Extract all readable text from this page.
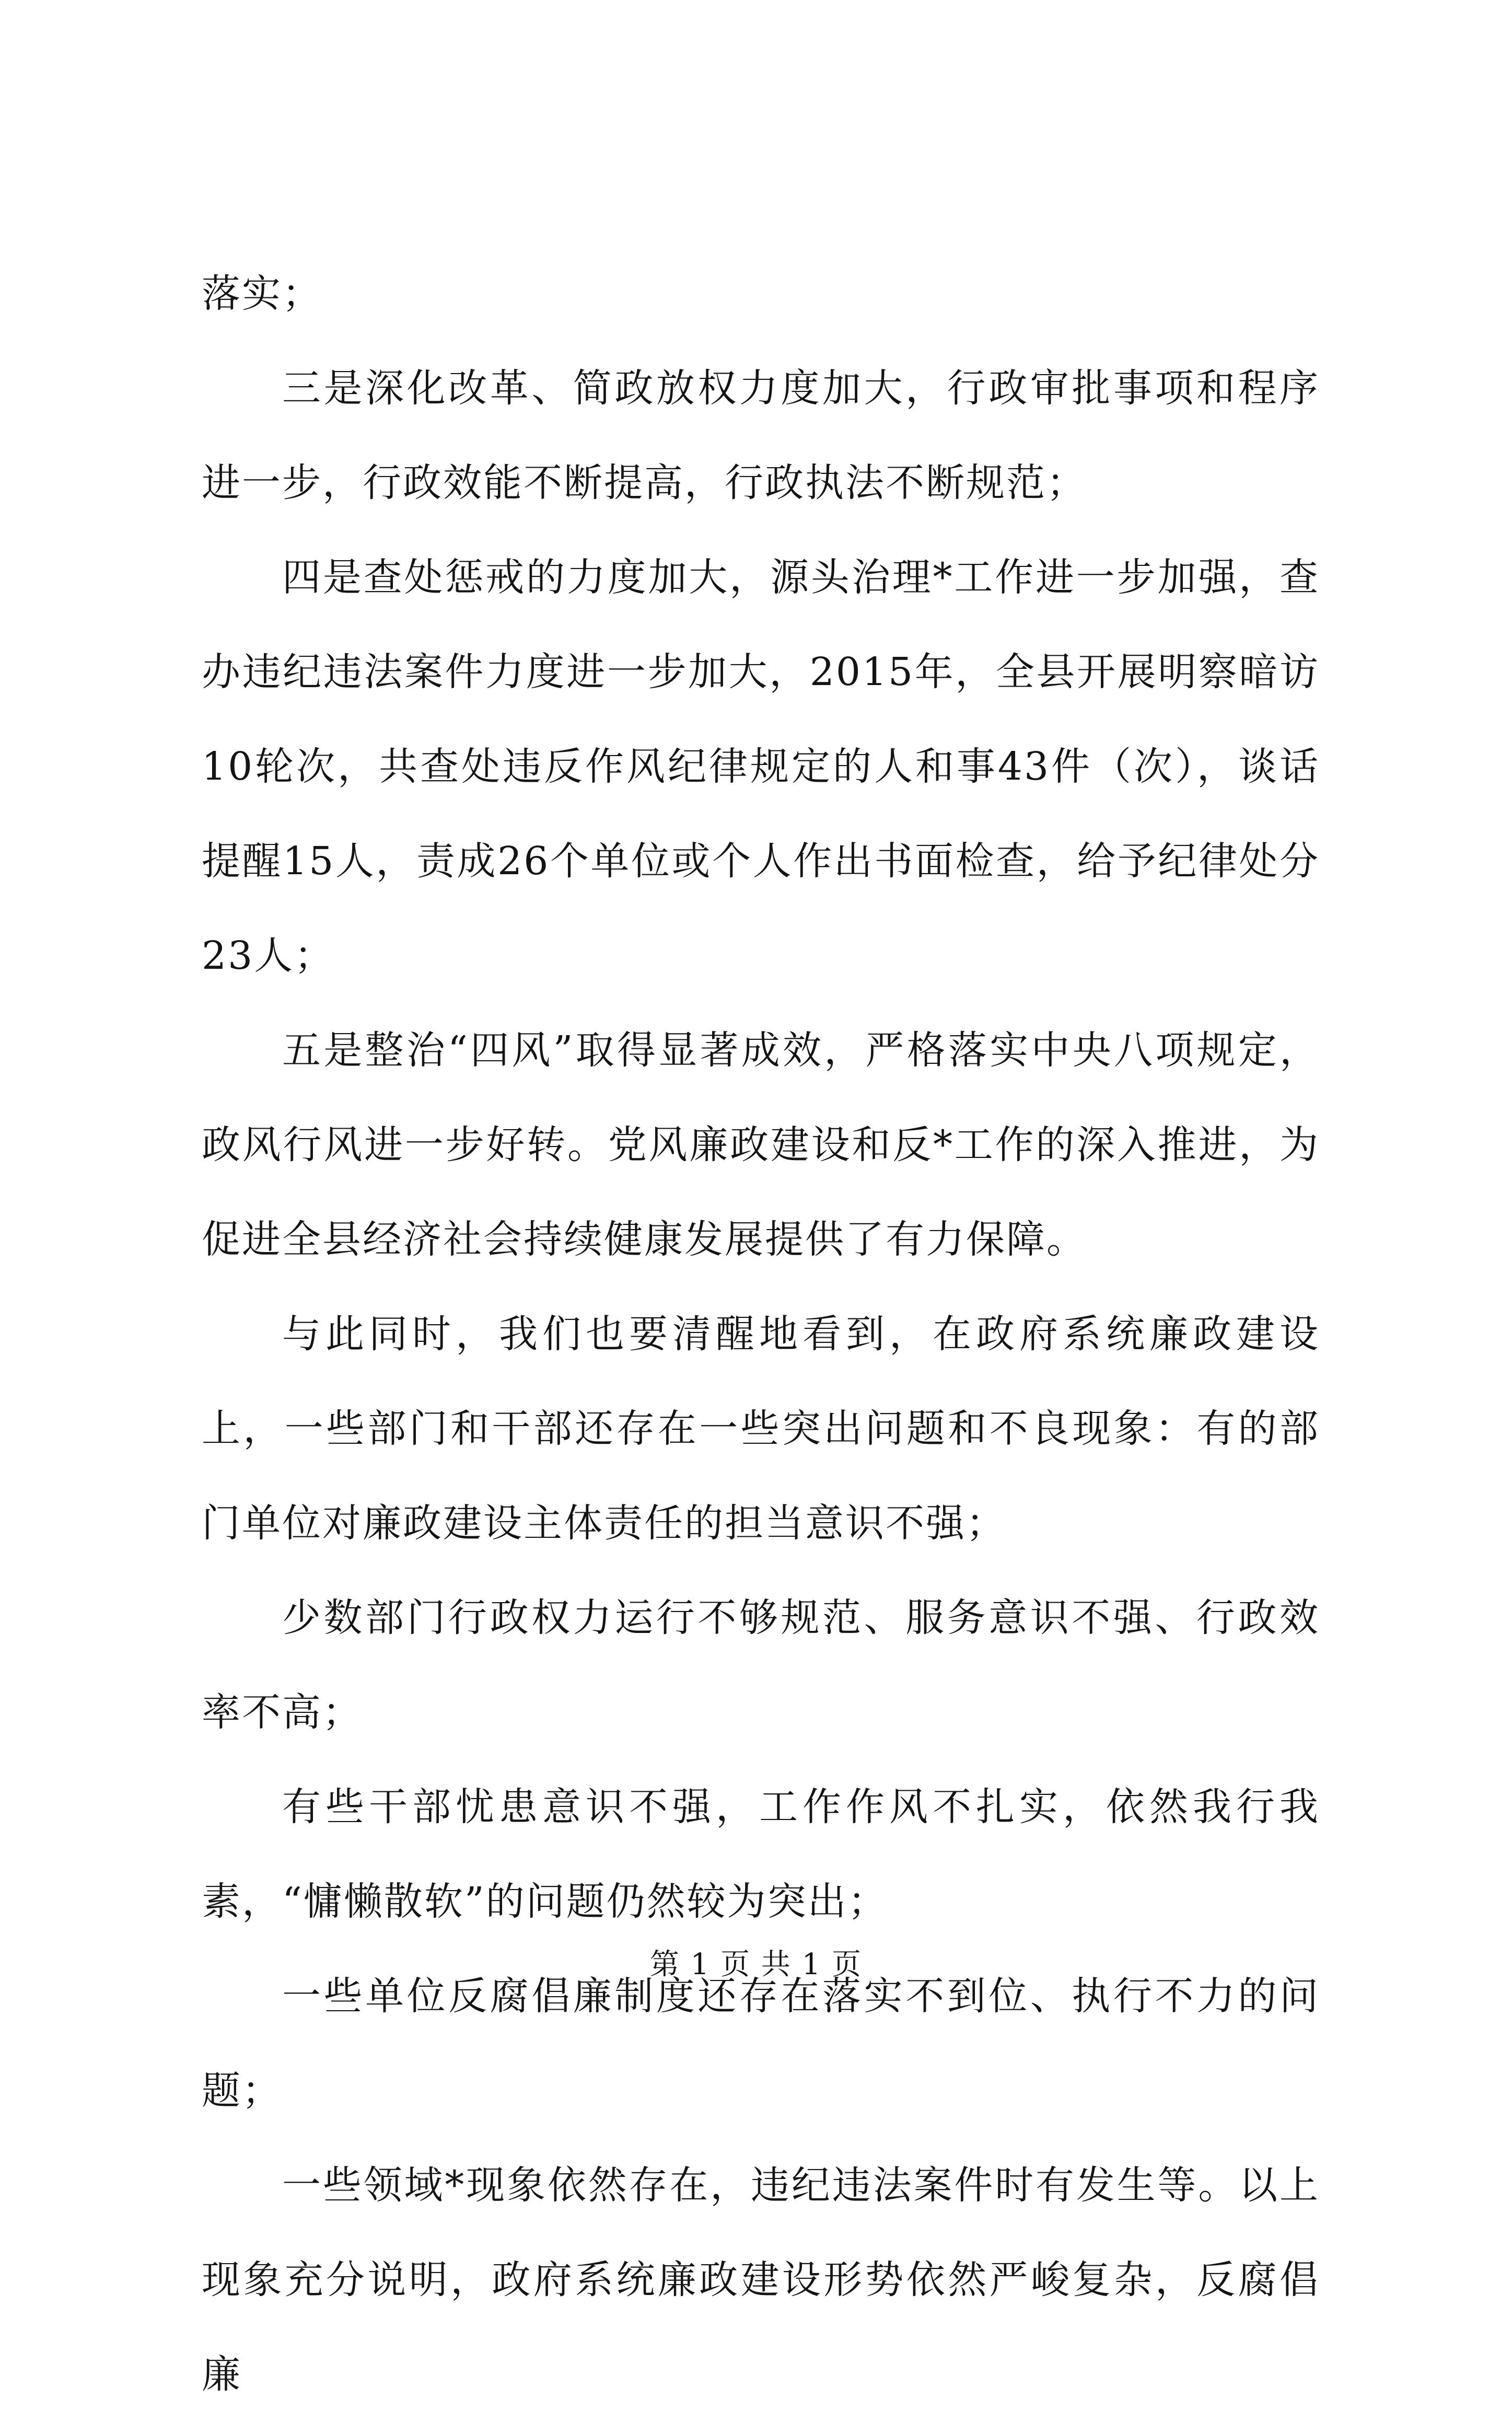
落实；

三是深化改革、简政放权力度加大，行政审批事项和程序进一步，行政效能不断提高，行政执法不断规范；

四是查处惩戒的力度加大，源头治理*工作进一步加强，查办违纪违法案件力度进一步加大，2015年，全县开展明察暗访10轮次，共查处违反作风纪律规定的人和事43件（次），谈话提醒15人，责成26个单位或个人作出书面检查，给予纪律处分23人；

五是整治“四风”取得显著成效，严格落实中央八项规定，政风行风进一步好转。党风廉政建设和反*工作的深入推进，为促进全县经济社会持续健康发展提供了有力保障。

与此同时，我们也要清醒地看到，在政府系统廉政建设上，一些部门和干部还存在一些突出问题和不良现象：有的部门单位对廉政建设主体责任的担当意识不强；

少数部门行政权力运行不够规范、服务意识不强、行政效率不高；

有些干部忧患意识不强，工作作风不扎实，依然我行我素，“慵懒散软”的问题仍然较为突出；

一些单位反腐倡廉制度还存在落实不到位、执行不力的问题；

一些领域*现象依然存在，违纪违法案件时有发生等。以上现象充分说明，政府系统廉政建设形势依然严峻复杂，反腐倡廉

第 1 页 共 1 页
